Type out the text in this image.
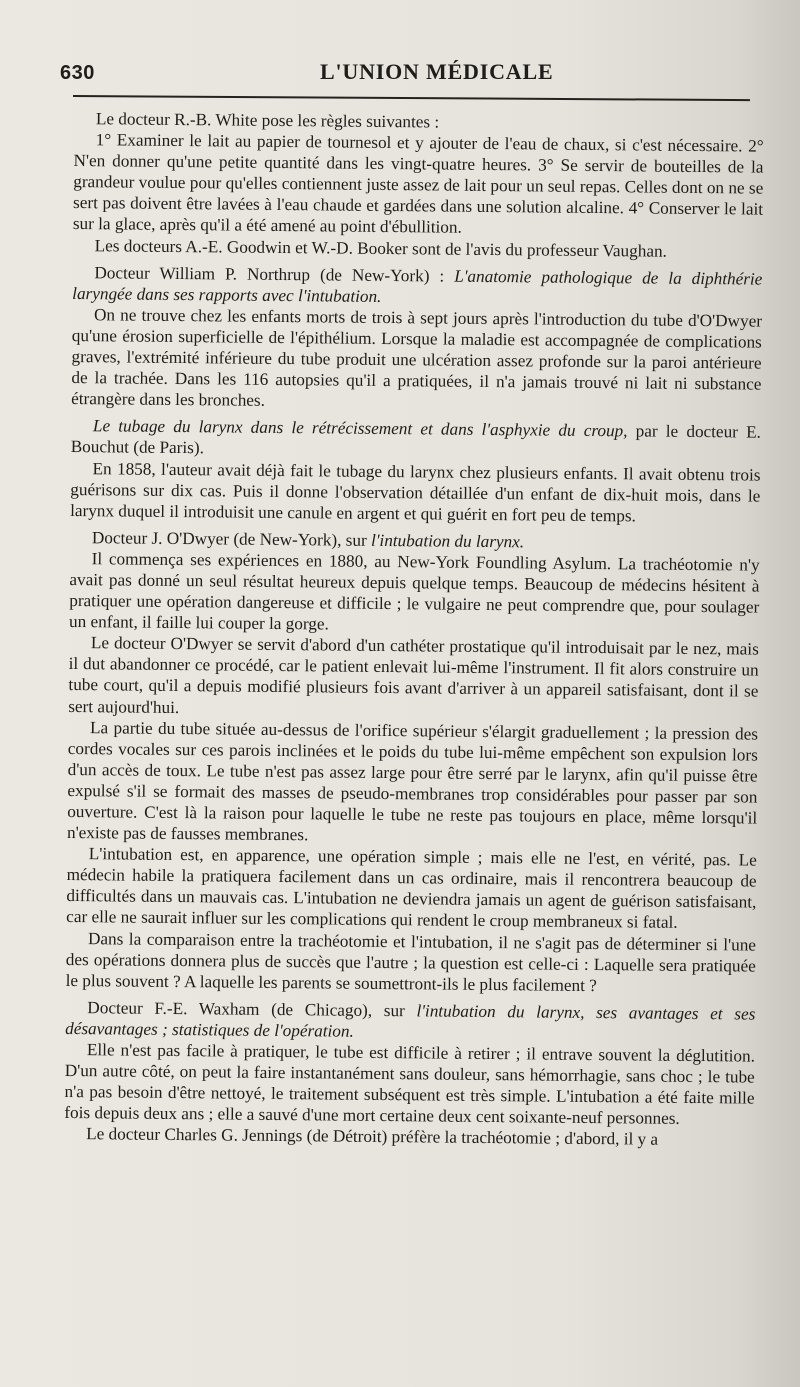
630	L'UNION MÉDICALE

Le docteur R.-B. White pose les règles suivantes :

1° Examiner le lait au papier de tournesol et y ajouter de l'eau de chaux, si c'est nécessaire. 2° N'en donner qu'une petite quantité dans les vingt-quatre heures. 3° Se servir de bouteilles de la grandeur voulue pour qu'elles contiennent juste assez de lait pour un seul repas. Celles dont on ne se sert pas doivent être lavées à l'eau chaude et gardées dans une solution alcaline. 4° Conserver le lait sur la glace, après qu'il a été amené au point d'ébullition.

Les docteurs A.-E. Goodwin et W.-D. Booker sont de l'avis du professeur Vaughan.

Docteur William P. Northrup (de New-York) : L'anatomie pathologique de la diphthérie laryngée dans ses rapports avec l'intubation.

On ne trouve chez les enfants morts de trois à sept jours après l'introduction du tube d'O'Dwyer qu'une érosion superficielle de l'épithélium. Lorsque la maladie est accompagnée de complications graves, l'extrémité inférieure du tube produit une ulcération assez profonde sur la paroi antérieure de la trachée. Dans les 116 autopsies qu'il a pratiquées, il n'a jamais trouvé ni lait ni substance étrangère dans les bronches.

Le tubage du larynx dans le rétrécissement et dans l'asphyxie du croup, par le docteur E. Bouchut (de Paris).

En 1858, l'auteur avait déjà fait le tubage du larynx chez plusieurs enfants. Il avait obtenu trois guérisons sur dix cas. Puis il donne l'observation détaillée d'un enfant de dix-huit mois, dans le larynx duquel il introduisit une canule en argent et qui guérit en fort peu de temps.

Docteur J. O'Dwyer (de New-York), sur l'intubation du larynx.

Il commença ses expériences en 1880, au New-York Foundling Asylum. La trachéotomie n'y avait pas donné un seul résultat heureux depuis quelque temps. Beaucoup de médecins hésitent à pratiquer une opération dangereuse et difficile ; le vulgaire ne peut comprendre que, pour soulager un enfant, il faille lui couper la gorge.

Le docteur O'Dwyer se servit d'abord d'un cathéter prostatique qu'il introduisait par le nez, mais il dut abandonner ce procédé, car le patient enlevait lui-même l'instrument. Il fit alors construire un tube court, qu'il a depuis modifié plusieurs fois avant d'arriver à un appareil satisfaisant, dont il se sert aujourd'hui.

La partie du tube située au-dessus de l'orifice supérieur s'élargit graduellement ; la pression des cordes vocales sur ces parois inclinées et le poids du tube lui-même empêchent son expulsion lors d'un accès de toux. Le tube n'est pas assez large pour être serré par le larynx, afin qu'il puisse être expulsé s'il se formait des masses de pseudo-membranes trop considérables pour passer par son ouverture. C'est là la raison pour laquelle le tube ne reste pas toujours en place, même lorsqu'il n'existe pas de fausses membranes.

L'intubation est, en apparence, une opération simple ; mais elle ne l'est, en vérité, pas. Le médecin habile la pratiquera facilement dans un cas ordinaire, mais il rencontrera beaucoup de difficultés dans un mauvais cas. L'intubation ne deviendra jamais un agent de guérison satisfaisant, car elle ne saurait influer sur les complications qui rendent le croup membraneux si fatal.

Dans la comparaison entre la trachéotomie et l'intubation, il ne s'agit pas de déterminer si l'une des opérations donnera plus de succès que l'autre ; la question est celle-ci : Laquelle sera pratiquée le plus souvent ? A laquelle les parents se soumettront-ils le plus facilement ?

Docteur F.-E. Waxham (de Chicago), sur l'intubation du larynx, ses avantages et ses désavantages ; statistiques de l'opération.

Elle n'est pas facile à pratiquer, le tube est difficile à retirer ; il entrave souvent la déglutition. D'un autre côté, on peut la faire instantanément sans douleur, sans hémorrhagie, sans choc ; le tube n'a pas besoin d'être nettoyé, le traitement subséquent est très simple. L'intubation a été faite mille fois depuis deux ans ; elle a sauvé d'une mort certaine deux cent soixante-neuf personnes.

Le docteur Charles G. Jennings (de Détroit) préfère la trachéotomie ; d'abord, il y a
